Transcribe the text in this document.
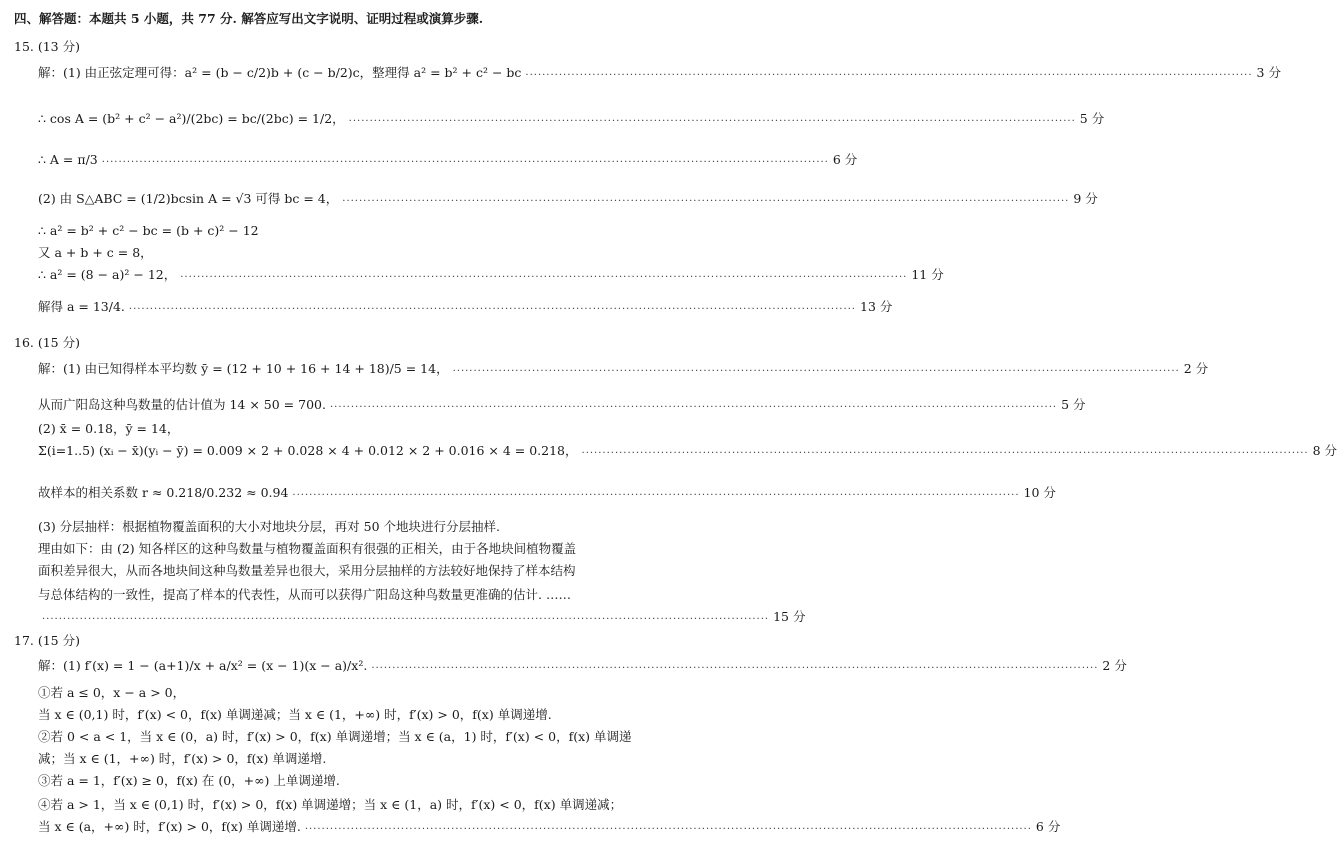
四、解答题：本题共 5 小题，共 77 分. 解答应写出文字说明、证明过程或演算步骤.
15. (13 分)
解：(1) 由正弦定理可得：a² = (b − c/2)b + (c − b/2)c，整理得 a² = b² + c² − bc .............................................................................................................................................................................. 3 分
∴ cos A = (b² + c² − a²)/(2bc) = bc/(2bc) = 1/2， .............................................................................................................................................................................. 5 分
∴ A = π/3 .............................................................................................................................................................................. 6 分
(2) 由 S△ABC = (1/2)bcsin A = √3 可得 bc = 4， .............................................................................................................................................................................. 9 分
∴ a² = b² + c² − bc = (b + c)² − 12
又 a + b + c = 8，
∴ a² = (8 − a)² − 12， .............................................................................................................................................................................. 11 分
解得 a = 13/4. .............................................................................................................................................................................. 13 分
16. (15 分)
解：(1) 由已知得样本平均数 ȳ = (12 + 10 + 16 + 14 + 18)/5 = 14， .............................................................................................................................................................................. 2 分
从而广阳岛这种鸟数量的估计值为 14 × 50 = 700. .............................................................................................................................................................................. 5 分
(2) x̄ = 0.18，ȳ = 14，
Σ(i=1..5) (xᵢ − x̄)(yᵢ − ȳ) = 0.009 × 2 + 0.028 × 4 + 0.012 × 2 + 0.016 × 4 = 0.218， .............................................................................................................................................................................. 8 分
故样本的相关系数 r ≈ 0.218/0.232 ≈ 0.94 .............................................................................................................................................................................. 10 分
(3) 分层抽样：根据植物覆盖面积的大小对地块分层，再对 50 个地块进行分层抽样.
理由如下：由 (2) 知各样区的这种鸟数量与植物覆盖面积有很强的正相关，由于各地块间植物覆盖
面积差异很大，从而各地块间这种鸟数量差异也很大，采用分层抽样的方法较好地保持了样本结构
与总体结构的一致性，提高了样本的代表性，从而可以获得广阳岛这种鸟数量更准确的估计. ……
.............................................................................................................................................................................. 15 分
17. (15 分)
解：(1) f′(x) = 1 − (a+1)/x + a/x² = (x − 1)(x − a)/x². .............................................................................................................................................................................. 2 分
①若 a ≤ 0，x − a > 0，
当 x ∈ (0,1) 时，f′(x) < 0，f(x) 单调递减；当 x ∈ (1，+∞) 时，f′(x) > 0，f(x) 单调递增.
②若 0 < a < 1，当 x ∈ (0，a) 时，f′(x) > 0，f(x) 单调递增；当 x ∈ (a，1) 时，f′(x) < 0，f(x) 单调递
减；当 x ∈ (1，+∞) 时，f′(x) > 0，f(x) 单调递增.
③若 a = 1，f′(x) ≥ 0，f(x) 在 (0，+∞) 上单调递增.
④若 a > 1，当 x ∈ (0,1) 时，f′(x) > 0，f(x) 单调递增；当 x ∈ (1，a) 时，f′(x) < 0，f(x) 单调递减；
当 x ∈ (a，+∞) 时，f′(x) > 0，f(x) 单调递增. .............................................................................................................................................................................. 6 分
